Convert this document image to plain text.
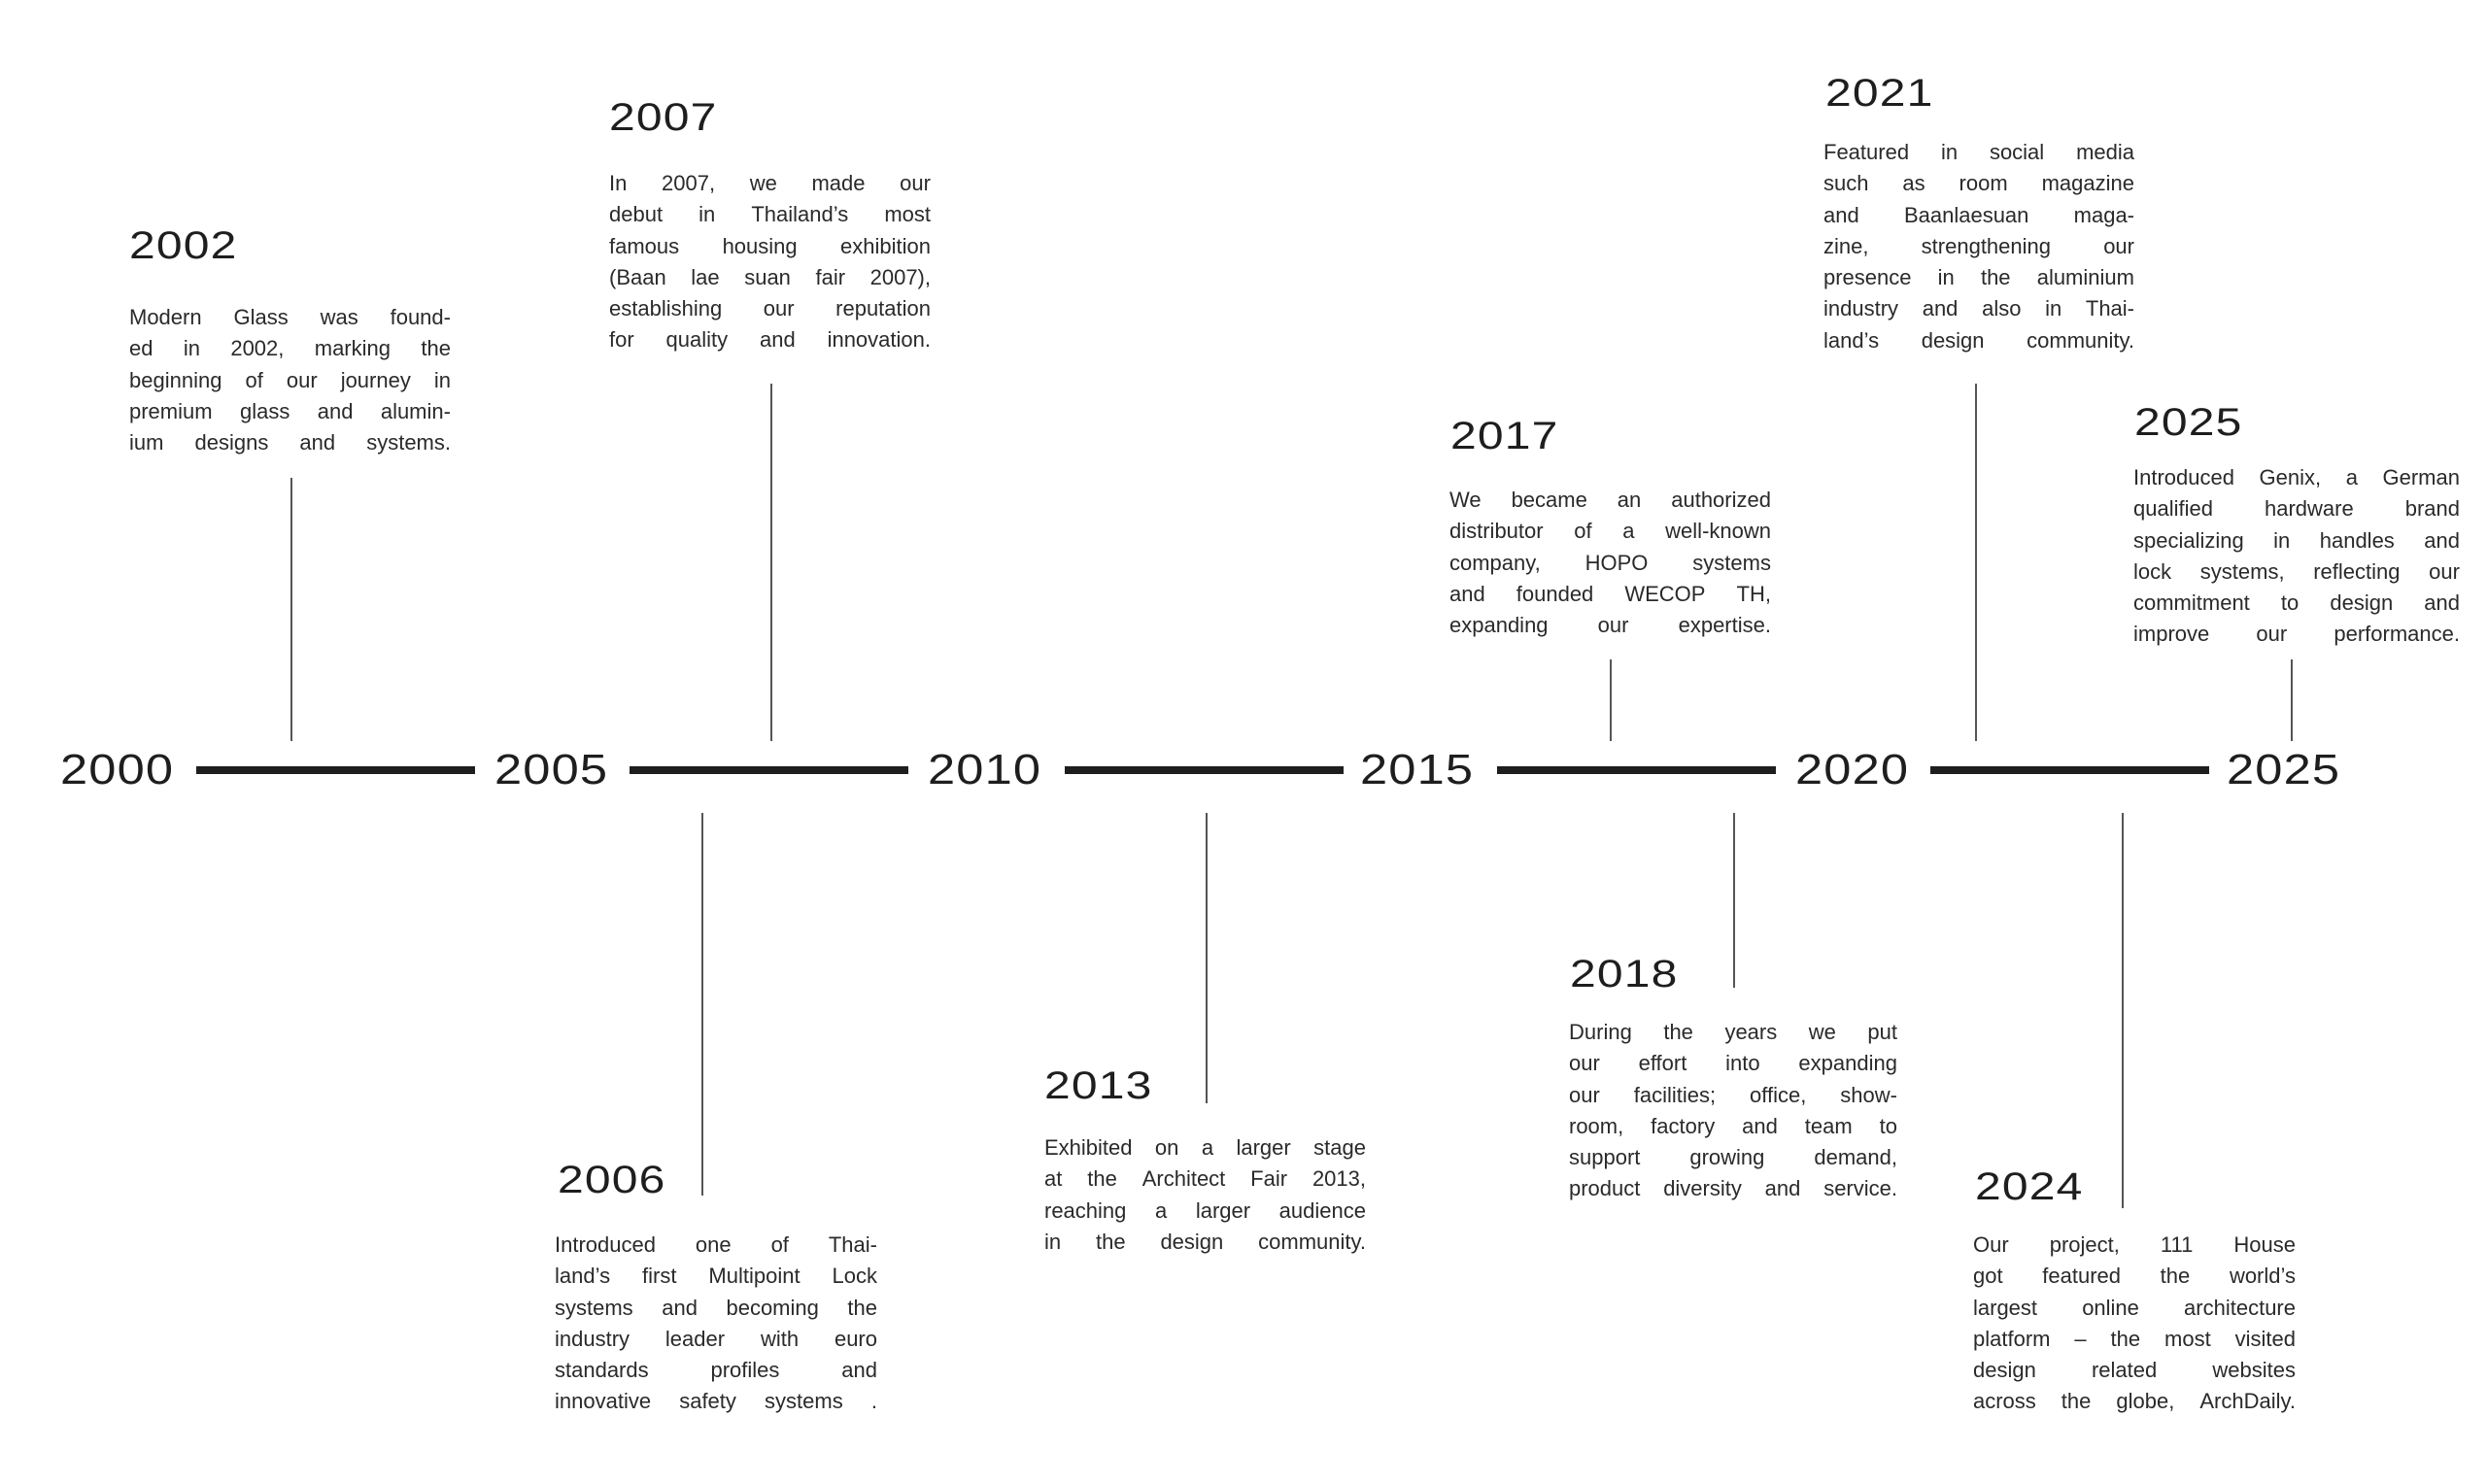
2000	2005	2010	2015	2020	2025
2002
Modern Glass was found-
ed in 2002, marking the
beginning of our journey in
premium glass and alumin-
ium designs and systems.
2007
In 2007, we made our
debut in Thailand’s most
famous housing exhibition
(Baan lae suan fair 2007),
establishing our reputation
for quality and innovation.
2017
We became an authorized
distributor of a well-known
company, HOPO systems
and founded WECOP TH,
expanding our expertise.
2021
Featured in social media
such as room magazine
and Baanlaesuan maga-
zine, strengthening our
presence in the aluminium
industry and also in Thai-
land’s design community.
2025
Introduced Genix, a German
qualified hardware brand
specializing in handles and
lock systems, reflecting our
commitment to design and
improve our performance.
2006
Introduced one of Thai-
land’s first Multipoint Lock
systems and becoming the
industry leader with euro
standards	profiles	and
innovative safety systems .
2013
Exhibited on a larger stage
at the Architect Fair 2013,
reaching a larger audience
in the design community.
2018
During the years we put
our effort into expanding
our facilities; office, show-
room, factory and team to
support growing demand,
product diversity and service. 2024
Our project, 111 House
got featured the world’s
largest online architecture
platform – the most visited
design	related	websites
across the globe, ArchDaily.
